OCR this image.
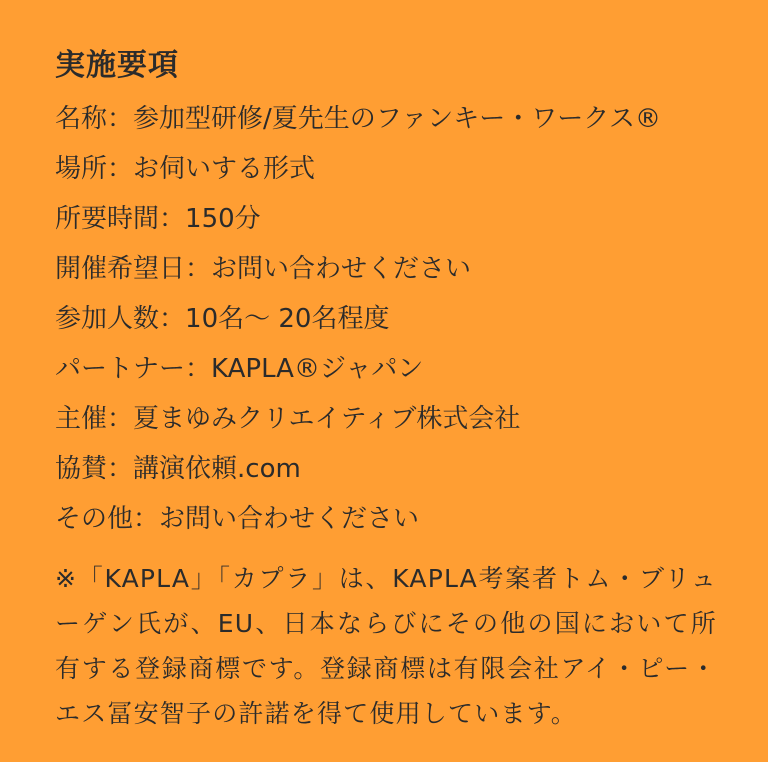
実施要項
名称：参加型研修/夏先生のファンキー・ワークス®
場所：お伺いする形式
所要時間：150分
開催希望日：お問い合わせください
参加人数：10名～ 20名程度
パートナー：KAPLA®ジャパン
主催：夏まゆみクリエイティブ株式会社
協賛：講演依頼.com
その他：お問い合わせください

※「KAPLA」「カプラ」は、KAPLA考案者トム・ブリューゲン氏が、EU、日本ならびにその他の国において所有する登録商標です。登録商標は有限会社アイ・ピー・エス冨安智子の許諾を得て使用しています。
